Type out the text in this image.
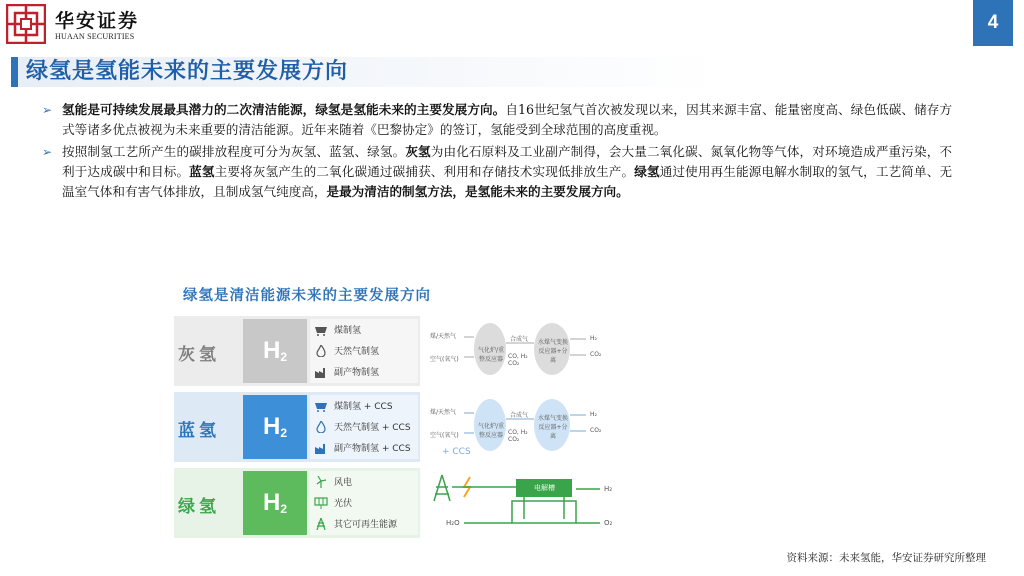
华安证券
HUAAN SECURITIES
4
绿氢是氢能未来的主要发展方向
➢ 氢能是可持续发展最具潜力的二次清洁能源，绿氢是氢能未来的主要发展方向。自16世纪氢气首次被发现以来，因其来源丰富、能量密度高、绿色低碳、储存方式等诸多优点被视为未来重要的清洁能源。近年来随着《巴黎协定》的签订，氢能受到全球范围的高度重视。
➢ 按照制氢工艺所产生的碳排放程度可分为灰氢、蓝氢、绿氢。灰氢为由化石原料及工业副产制得，会大量二氧化碳、氮氧化物等气体，对环境造成严重污染，不利于达成碳中和目标。蓝氢主要将灰氢产生的二氧化碳通过碳捕获、利用和存储技术实现低排放生产。绿氢通过使用再生能源电解水制取的氢气，工艺简单、无温室气体和有害气体排放，且制成氢气纯度高，是最为清洁的制氢方法，是氢能未来的主要发展方向。
绿氢是清洁能源未来的主要发展方向
灰氢	H 2
煤制氢
天然气制氢
副产物制氢
蓝氢	H 2
煤制氢 + CCS
天然气制氢 + CCS
副产物制氢 + CCS
绿氢	H 2
风电
光伏
其它可再生能源
煤/天然气
空气(氧气)
气化炉/重整反应器
合成气
CO, H₂ CO₂
水煤气变换反应器+分离
H₂
CO₂
煤/天然气
空气(氧气)
气化炉/重整反应器
合成气
CO, H₂ CO₂
水煤气变换反应器+分离
H₂
CO₂
+ CCS
电解槽
H₂O
H₂
O₂
资料来源：未来氢能，华安证券研究所整理
